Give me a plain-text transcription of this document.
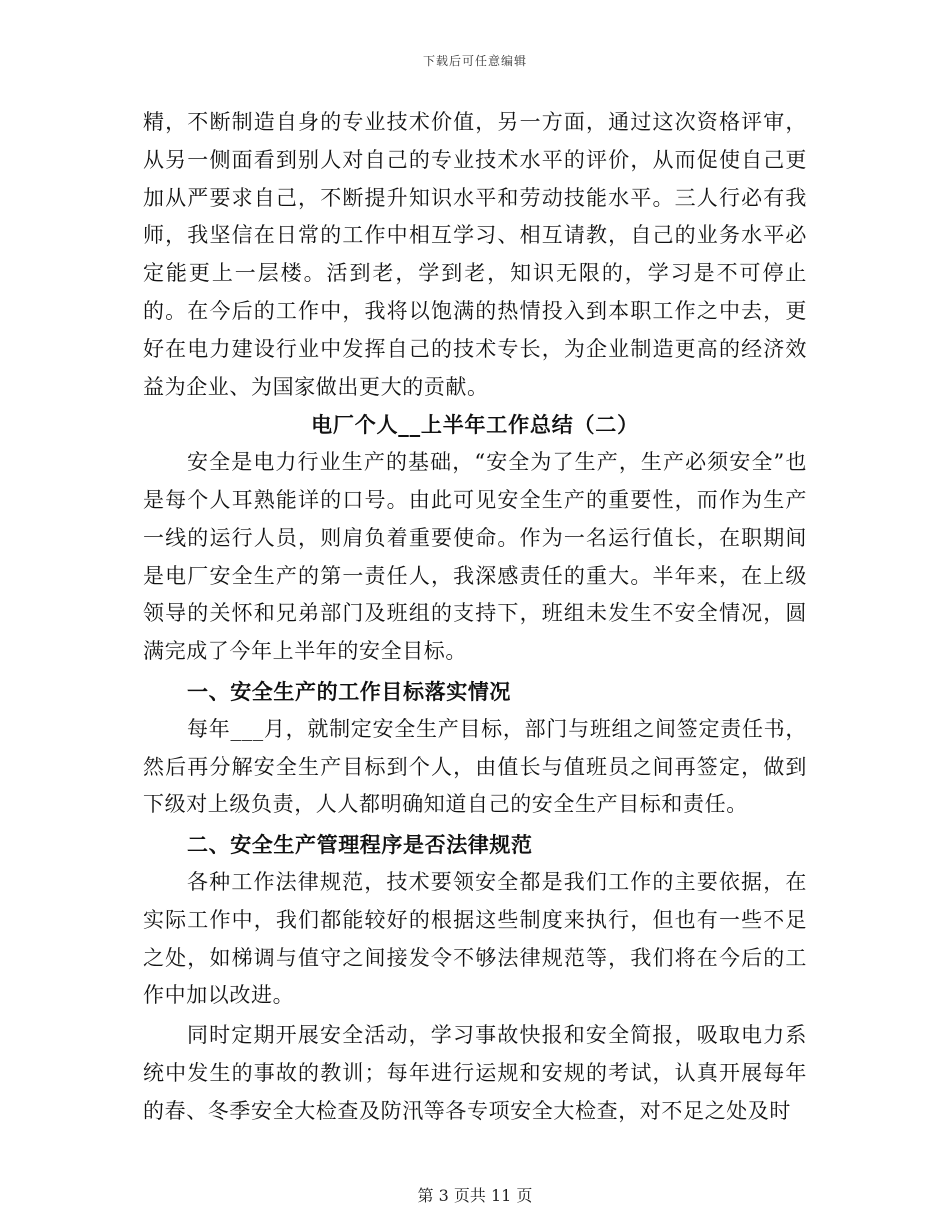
下载后可任意编辑

精，不断制造自身的专业技术价值，另一方面，通过这次资格评审，从另一侧面看到别人对自己的专业技术水平的评价，从而促使自己更加从严要求自己，不断提升知识水平和劳动技能水平。三人行必有我师，我坚信在日常的工作中相互学习、相互请教，自己的业务水平必定能更上一层楼。活到老，学到老，知识无限的，学习是不可停止的。在今后的工作中，我将以饱满的热情投入到本职工作之中去，更好在电力建设行业中发挥自己的技术专长，为企业制造更高的经济效益为企业、为国家做出更大的贡献。

电厂个人__上半年工作总结（二）

安全是电力行业生产的基础，“安全为了生产，生产必须安全”也是每个人耳熟能详的口号。由此可见安全生产的重要性，而作为生产一线的运行人员，则肩负着重要使命。作为一名运行值长，在职期间是电厂安全生产的第一责任人，我深感责任的重大。半年来，在上级领导的关怀和兄弟部门及班组的支持下，班组未发生不安全情况，圆满完成了今年上半年的安全目标。

一、安全生产的工作目标落实情况

每年___月，就制定安全生产目标，部门与班组之间签定责任书，然后再分解安全生产目标到个人，由值长与值班员之间再签定，做到下级对上级负责，人人都明确知道自己的安全生产目标和责任。

二、安全生产管理程序是否法律规范

各种工作法律规范，技术要领安全都是我们工作的主要依据，在实际工作中，我们都能较好的根据这些制度来执行，但也有一些不足之处，如梯调与值守之间接发令不够法律规范等，我们将在今后的工作中加以改进。

同时定期开展安全活动，学习事故快报和安全简报，吸取电力系统中发生的事故的教训；每年进行运规和安规的考试，认真开展每年的春、冬季安全大检查及防汛等各专项安全大检查，对不足之处及时

第 3 页共 11 页
